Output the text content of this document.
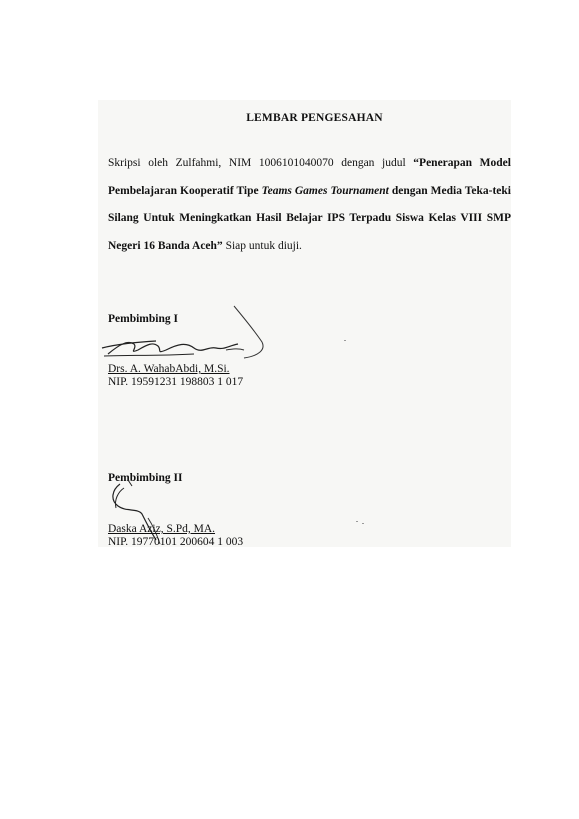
LEMBAR PENGESAHAN
Skripsi oleh Zulfahmi, NIM 1006101040070 dengan judul “Penerapan Model Pembelajaran Kooperatif Tipe Teams Games Tournament dengan Media Teka-teki Silang Untuk Meningkatkan Hasil Belajar IPS Terpadu Siswa Kelas VIII SMP Negeri 16 Banda Aceh” Siap untuk diuji.
Pembimbing I
Drs. A. WahabAbdi, M.Si.
NIP. 19591231 198803 1 017
Pembimbing II
Daska Aziz, S.Pd, MA.
NIP. 19770101 200604 1 003
